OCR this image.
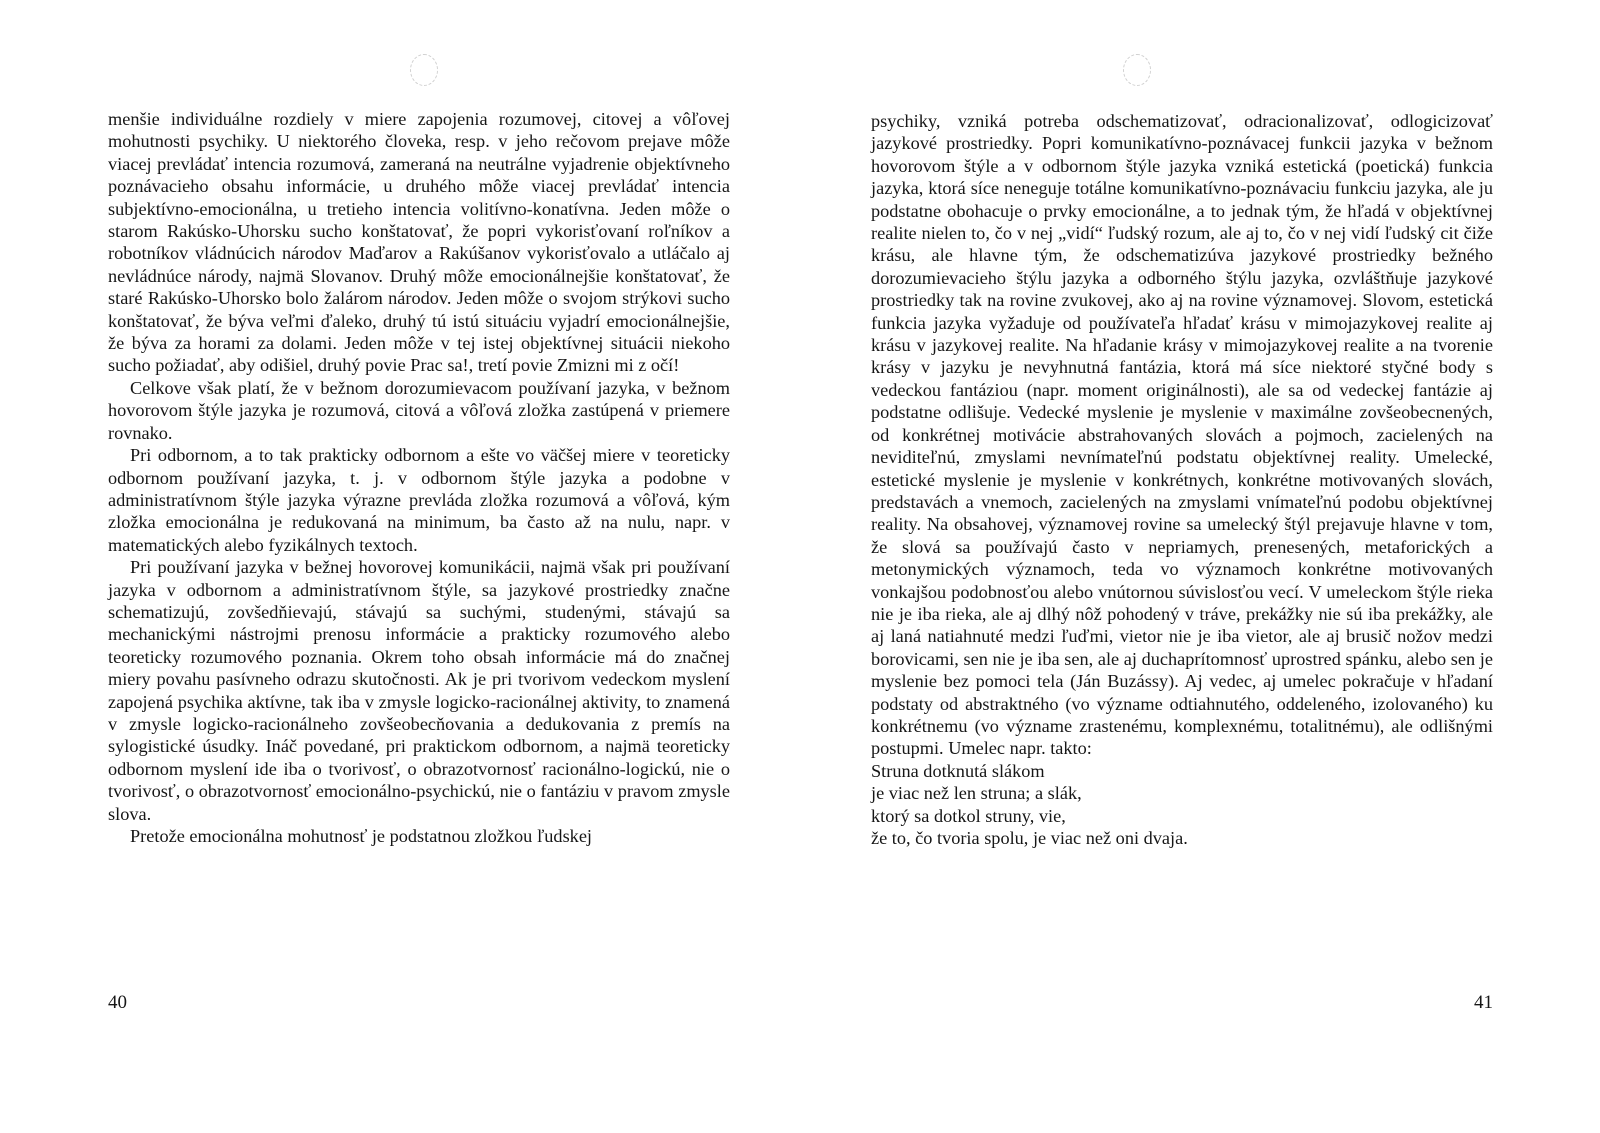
menšie individuálne rozdiely v miere zapojenia rozumovej, citovej a vôľovej mohutnosti psychiky. U niektorého človeka, resp. v jeho rečovom prejave môže viacej prevládať intencia rozumová, zameraná na neutrálne vyjadrenie objektívneho poznávacieho obsahu informácie, u druhého môže viacej prevládať intencia subjektívno-emocionálna, u tretieho intencia volitívno-konatívna. Jeden môže o starom Rakúsko-Uhorsku sucho konštatovať, že popri vykorisťovaní roľníkov a robotníkov vládnúcich národov Maďarov a Rakúšanov vykorisťovalo a utláčalo aj nevládnúce národy, najmä Slovanov. Druhý môže emocionálnejšie konštatovať, že staré Rakúsko-Uhorsko bolo žalárom národov. Jeden môže o svojom strýkovi sucho konštatovať, že býva veľmi ďaleko, druhý tú istú situáciu vyjadrí emocionálnejšie, že býva za horami za dolami. Jeden môže v tej istej objektívnej situácii niekoho sucho požiadať, aby odišiel, druhý povie Prac sa!, tretí povie Zmizni mi z očí!

Celkove však platí, že v bežnom dorozumievacom používaní jazyka, v bežnom hovorovom štýle jazyka je rozumová, citová a vôľová zložka zastúpená v priemere rovnako.

Pri odbornom, a to tak prakticky odbornom a ešte vo väčšej miere v teoreticky odbornom používaní jazyka, t. j. v odbornom štýle jazyka a podobne v administratívnom štýle jazyka výrazne prevláda zložka rozumová a vôľová, kým zložka emocionálna je redukovaná na minimum, ba často až na nulu, napr. v matematických alebo fyzikálnych textoch.

Pri používaní jazyka v bežnej hovorovej komunikácii, najmä však pri používaní jazyka v odbornom a administratívnom štýle, sa jazykové prostriedky značne schematizujú, zovšedňievajú, stávajú sa suchými, studenými, stávajú sa mechanickými nástrojmi prenosu informácie a prakticky rozumového alebo teoreticky rozumového poznania. Okrem toho obsah informácie má do značnej miery povahu pasívneho odrazu skutočnosti. Ak je pri tvorivom vedeckom myslení zapojená psychika aktívne, tak iba v zmysle logicko-racionálnej aktivity, to znamená v zmysle logicko-racionálneho zovšeobecňovania a dedukovania z premís na sylogistické úsudky. Ináč povedané, pri praktickom odbornom, a najmä teoreticky odbornom myslení ide iba o tvorivosť, o obrazotvornosť racionálno-logickú, nie o tvorivosť, o obrazotvornosť emocionálno-psychickú, nie o fantáziu v pravom zmysle slova.

Pretože emocionálna mohutnosť je podstatnou zložkou ľudskej

40

psychiky, vzniká potreba odschematizovať, odracionalizovať, odlogicizovať jazykové prostriedky. Popri komunikatívno-poznávacej funkcii jazyka v bežnom hovorovom štýle a v odbornom štýle jazyka vzniká estetická (poetická) funkcia jazyka, ktorá síce neneguje totálne komunikatívno-poznávaciu funkciu jazyka, ale ju podstatne obohacuje o prvky emocionálne, a to jednak tým, že hľadá v objektívnej realite nielen to, čo v nej „vidí“ ľudský rozum, ale aj to, čo v nej vidí ľudský cit čiže krásu, ale hlavne tým, že odschematizúva jazykové prostriedky bežného dorozumievacieho štýlu jazyka a odborného štýlu jazyka, ozvláštňuje jazykové prostriedky tak na rovine zvukovej, ako aj na rovine významovej. Slovom, estetická funkcia jazyka vyžaduje od používateľa hľadať krásu v mimojazykovej realite aj krásu v jazykovej realite. Na hľadanie krásy v mimojazykovej realite a na tvorenie krásy v jazyku je nevyhnutná fantázia, ktorá má síce niektoré styčné body s vedeckou fantáziou (napr. moment originálnosti), ale sa od vedeckej fantázie aj podstatne odlišuje. Vedecké myslenie je myslenie v maximálne zovšeobecnených, od konkrétnej motivácie abstrahovaných slovách a pojmoch, zacielených na neviditeľnú, zmyslami nevnímateľnú podstatu objektívnej reality. Umelecké, estetické myslenie je myslenie v konkrétnych, konkrétne motivovaných slovách, predstavách a vnemoch, zacielených na zmyslami vnímateľnú podobu objektívnej reality. Na obsahovej, významovej rovine sa umelecký štýl prejavuje hlavne v tom, že slová sa používajú často v nepriamych, prenesených, metaforických a metonymických významoch, teda vo významoch konkrétne motivovaných vonkajšou podobnosťou alebo vnútornou súvislosťou vecí. V umeleckom štýle rieka nie je iba rieka, ale aj dlhý nôž pohodený v tráve, prekážky nie sú iba prekážky, ale aj laná natiahnuté medzi ľuďmi, vietor nie je iba vietor, ale aj brusič nožov medzi borovicami, sen nie je iba sen, ale aj duchaprítomnosť uprostred spánku, alebo sen je myslenie bez pomoci tela (Ján Buzássy). Aj vedec, aj umelec pokračuje v hľadaní podstaty od abstraktného (vo význame odtiahnutého, oddeleného, izolovaného) ku konkrétnemu (vo význame zrastenému, komplexnému, totalitnému), ale odlišnými postupmi. Umelec napr. takto:

Struna dotknutá slákom

je viac než len struna; a slák,

ktorý sa dotkol struny, vie,

že to, čo tvoria spolu, je viac než oni dvaja.

41
